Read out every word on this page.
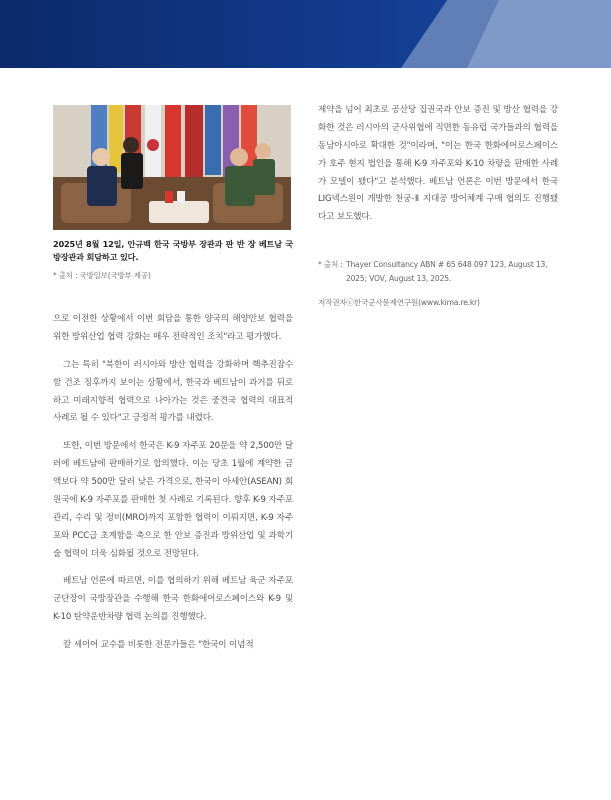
2025년 8월 12일, 안규백 한국 국방부 장관과 판 반 장 베트남 국방장관과 회담하고 있다.
* 출처 : 국방일보(국방부 제공)

으로 이전한 상황에서 이번 회담을 통한 양국의 해양안보 협력을 위한 방위산업 협력 강화는 매우 전략적인 조치"라고 평가했다.

그는 특히 "북한이 러시아와 방산 협력을 강화하며 핵추진잠수함 건조 징후까지 보이는 상황에서, 한국과 베트남이 과거를 뒤로하고 미래지향적 협력으로 나아가는 것은 중견국 협력의 대표적 사례로 될 수 있다"고 긍정적 평가를 내렸다.

또한, 이번 방문에서 한국은 K-9 자주포 20문을 약 2,500만 달러에 베트남에 판매하기로 합의했다. 이는 당초 1월에 계약한 금액보다 약 500만 달러 낮은 가격으로, 한국이 아세안(ASEAN) 회원국에 K-9 자주포를 판매한 첫 사례로 기록된다. 향후 K-9 자주포 관리, 수리 및 정비(MRO)까지 포함한 협력이 이뤄지면, K-9 자주포와 PCC급 초계함을 축으로 한 안보 증진과 방위산업 및 과학기술 협력이 더욱 심화될 것으로 전망된다.

베트남 언론에 따르면, 이를 협의하기 위해 베트남 육군 자주포 군단장이 국방장관을 수행해 한국 한화에어로스페이스와 K-9 및 K-10 탄약운반차량 협력 논의를 진행했다.

칼 세이어 교수를 비롯한 전문가들은 "한국이 이념적

제약을 넘어 최초로 공산당 집권국과 안보 증진 및 방산 협력을 강화한 것은 러시아의 군사위협에 직면한 동유럽 국가들과의 협력을 동남아시아로 확대한 것"이라며, "이는 한국 한화에어로스페이스가 호주 현지 법인을 통해 K-9 자주포와 K-10 차량을 판매한 사례가 모델이 됐다"고 분석했다. 베트남 언론은 이번 방문에서 한국 LIG넥스원이 개발한 천궁-Ⅱ 지대공 방어체계 구매 협의도 진행됐다고 보도했다.

* 출처 : Thayer Consultancy ABN # 65 648 097 123, August 13, 2025; VOV, August 13, 2025.
저작권자ⓒ한국군사문제연구원(www.kima.re.kr)
